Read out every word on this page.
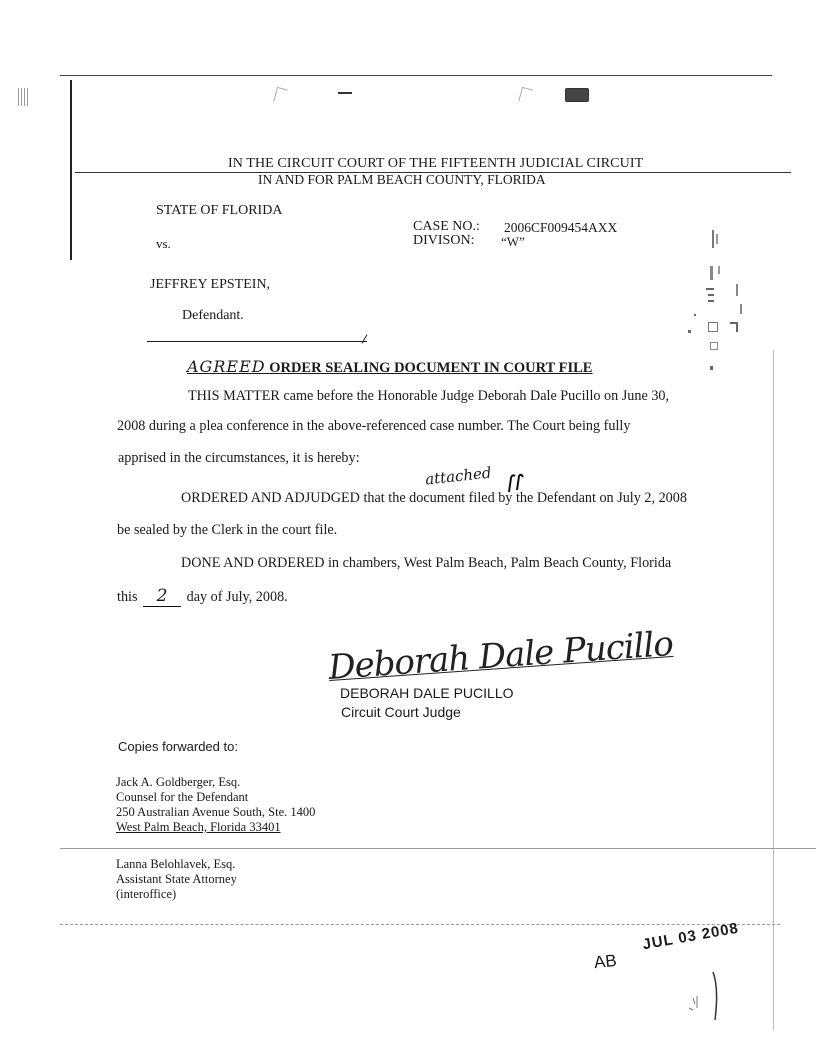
IN THE CIRCUIT COURT OF THE FIFTEENTH JUDICIAL CIRCUIT
IN AND FOR PALM BEACH COUNTY, FLORIDA
STATE OF FLORIDA
vs.
CASE NO.: 2006CF009454AXX
DIVISON: “W”
JEFFREY EPSTEIN,
Defendant.
AGREED ORDER SEALING DOCUMENT IN COURT FILE
THIS MATTER came before the Honorable Judge Deborah Dale Pucillo on June 30,
2008 during a plea conference in the above-referenced case number. The Court being fully
apprised in the circumstances, it is hereby:
attached
ORDERED AND ADJUDGED that the document filed by the Defendant on July 2, 2008
be sealed by the Clerk in the court file.
DONE AND ORDERED in chambers, West Palm Beach, Palm Beach County, Florida
this 2 day of July, 2008.
Deborah Dale Pucillo
DEBORAH DALE PUCILLO
Circuit Court Judge
Copies forwarded to:
Jack A. Goldberger, Esq.
Counsel for the Defendant
250 Australian Avenue South, Ste. 1400
West Palm Beach, Florida 33401
Lanna Belohlavek, Esq.
Assistant State Attorney
(interoffice)
AB
JUL 03 2008
